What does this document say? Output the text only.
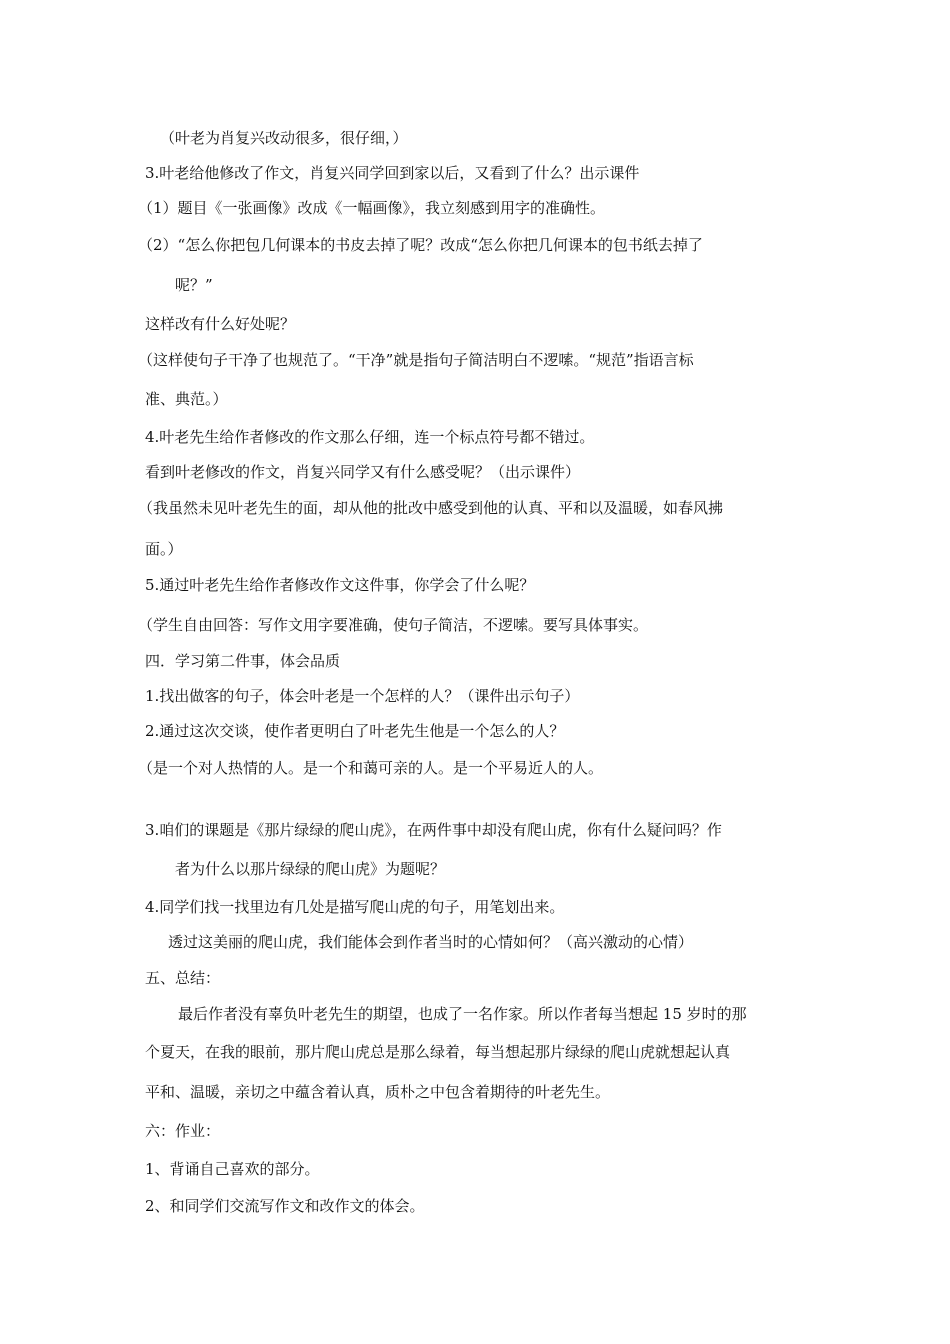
（叶老为肖复兴改动很多，很仔细，）
3.叶老给他修改了作文，肖复兴同学回到家以后，又看到了什么？出示课件
（1）题目《一张画像》改成《一幅画像》，我立刻感到用字的准确性。
（2）“怎么你把包几何课本的书皮去掉了呢？改成“怎么你把几何课本的包书纸去掉了
呢？”
这样改有什么好处呢？
（这样使句子干净了也规范了。“干净”就是指句子简洁明白不逻嗦。“规范”指语言标
准、典范。）
4.叶老先生给作者修改的作文那么仔细，连一个标点符号都不错过。
看到叶老修改的作文，肖复兴同学又有什么感受呢？（出示课件）
（我虽然未见叶老先生的面，却从他的批改中感受到他的认真、平和以及温暖，如春风拂
面。）
5.通过叶老先生给作者修改作文这件事，你学会了什么呢？
（学生自由回答：写作文用字要准确，使句子简洁，不逻嗦。要写具体事实。
四．学习第二件事，体会品质
1.找出做客的句子，体会叶老是一个怎样的人？（课件出示句子）
2.通过这次交谈，使作者更明白了叶老先生他是一个怎么的人？
（是一个对人热情的人。是一个和蔼可亲的人。是一个平易近人的人。
3.咱们的课题是《那片绿绿的爬山虎》，在两件事中却没有爬山虎，你有什么疑问吗？作
者为什么以那片绿绿的爬山虎》为题呢？
4.同学们找一找里边有几处是描写爬山虎的句子，用笔划出来。
透过这美丽的爬山虎，我们能体会到作者当时的心情如何？（高兴激动的心情）
五、总结：
最后作者没有辜负叶老先生的期望，也成了一名作家。所以作者每当想起 15 岁时的那
个夏天，在我的眼前，那片爬山虎总是那么绿着，每当想起那片绿绿的爬山虎就想起认真
平和、温暖，亲切之中蕴含着认真，质朴之中包含着期待的叶老先生。
六：作业：
1、背诵自己喜欢的部分。
2、和同学们交流写作文和改作文的体会。
